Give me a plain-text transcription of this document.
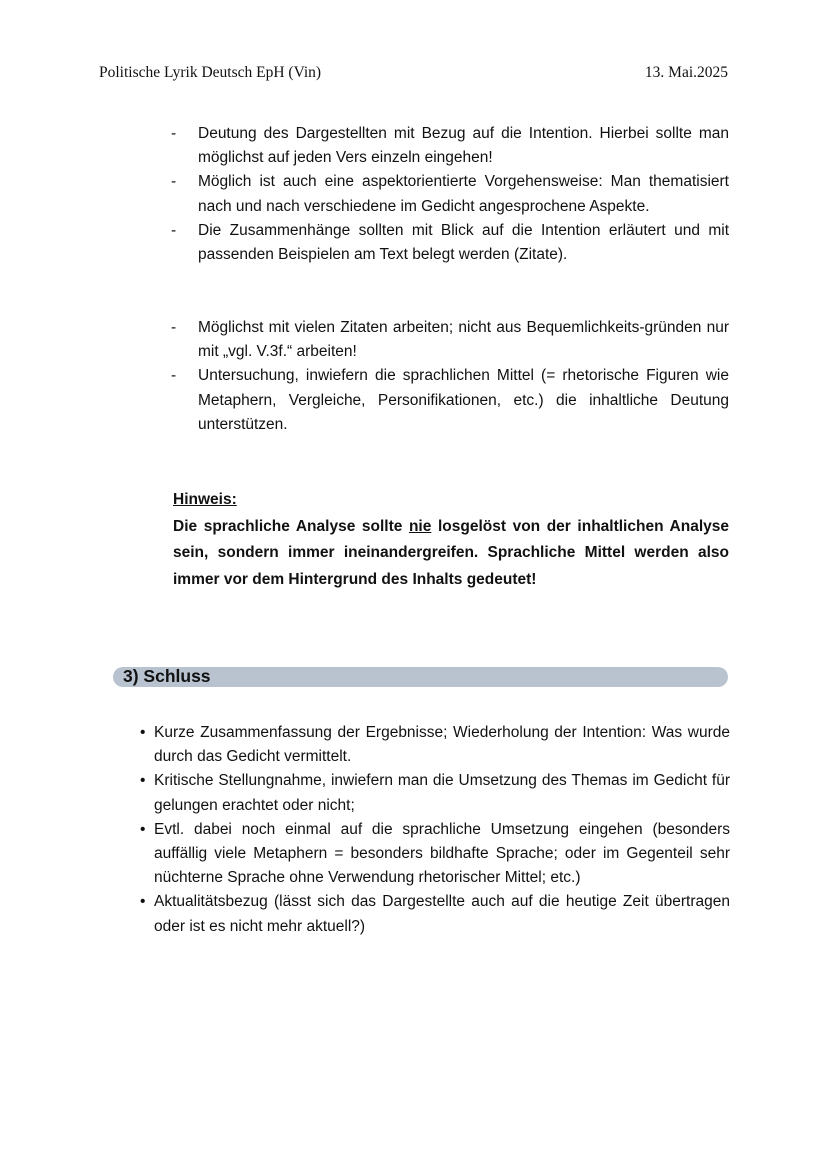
Politische Lyrik Deutsch EpH (Vin)	13. Mai.2025
- Deutung des Dargestellten mit Bezug auf die Intention. Hierbei sollte man möglichst auf jeden Vers einzeln eingehen!
- Möglich ist auch eine aspektorientierte Vorgehensweise: Man thematisiert nach und nach verschiedene im Gedicht angesprochene Aspekte.
- Die Zusammenhänge sollten mit Blick auf die Intention erläutert und mit passenden Beispielen am Text belegt werden (Zitate).
- Möglichst mit vielen Zitaten arbeiten; nicht aus Bequemlichkeits-gründen nur mit „vgl. V.3f.“ arbeiten!
- Untersuchung, inwiefern die sprachlichen Mittel (= rhetorische Figuren wie Metaphern, Vergleiche, Personifikationen, etc.) die inhaltliche Deutung unterstützen.
Hinweis:
Die sprachliche Analyse sollte nie losgelöst von der inhaltlichen Analyse sein, sondern immer ineinandergreifen. Sprachliche Mittel werden also immer vor dem Hintergrund des Inhalts gedeutet!
3) Schluss
• Kurze Zusammenfassung der Ergebnisse; Wiederholung der Intention: Was wurde durch das Gedicht vermittelt.
• Kritische Stellungnahme, inwiefern man die Umsetzung des Themas im Gedicht für gelungen erachtet oder nicht;
• Evtl. dabei noch einmal auf die sprachliche Umsetzung eingehen (besonders auffällig viele Metaphern = besonders bildhafte Sprache; oder im Gegenteil sehr nüchterne Sprache ohne Verwendung rhetorischer Mittel; etc.)
• Aktualitätsbezug (lässt sich das Dargestellte auch auf die heutige Zeit übertragen oder ist es nicht mehr aktuell?)
